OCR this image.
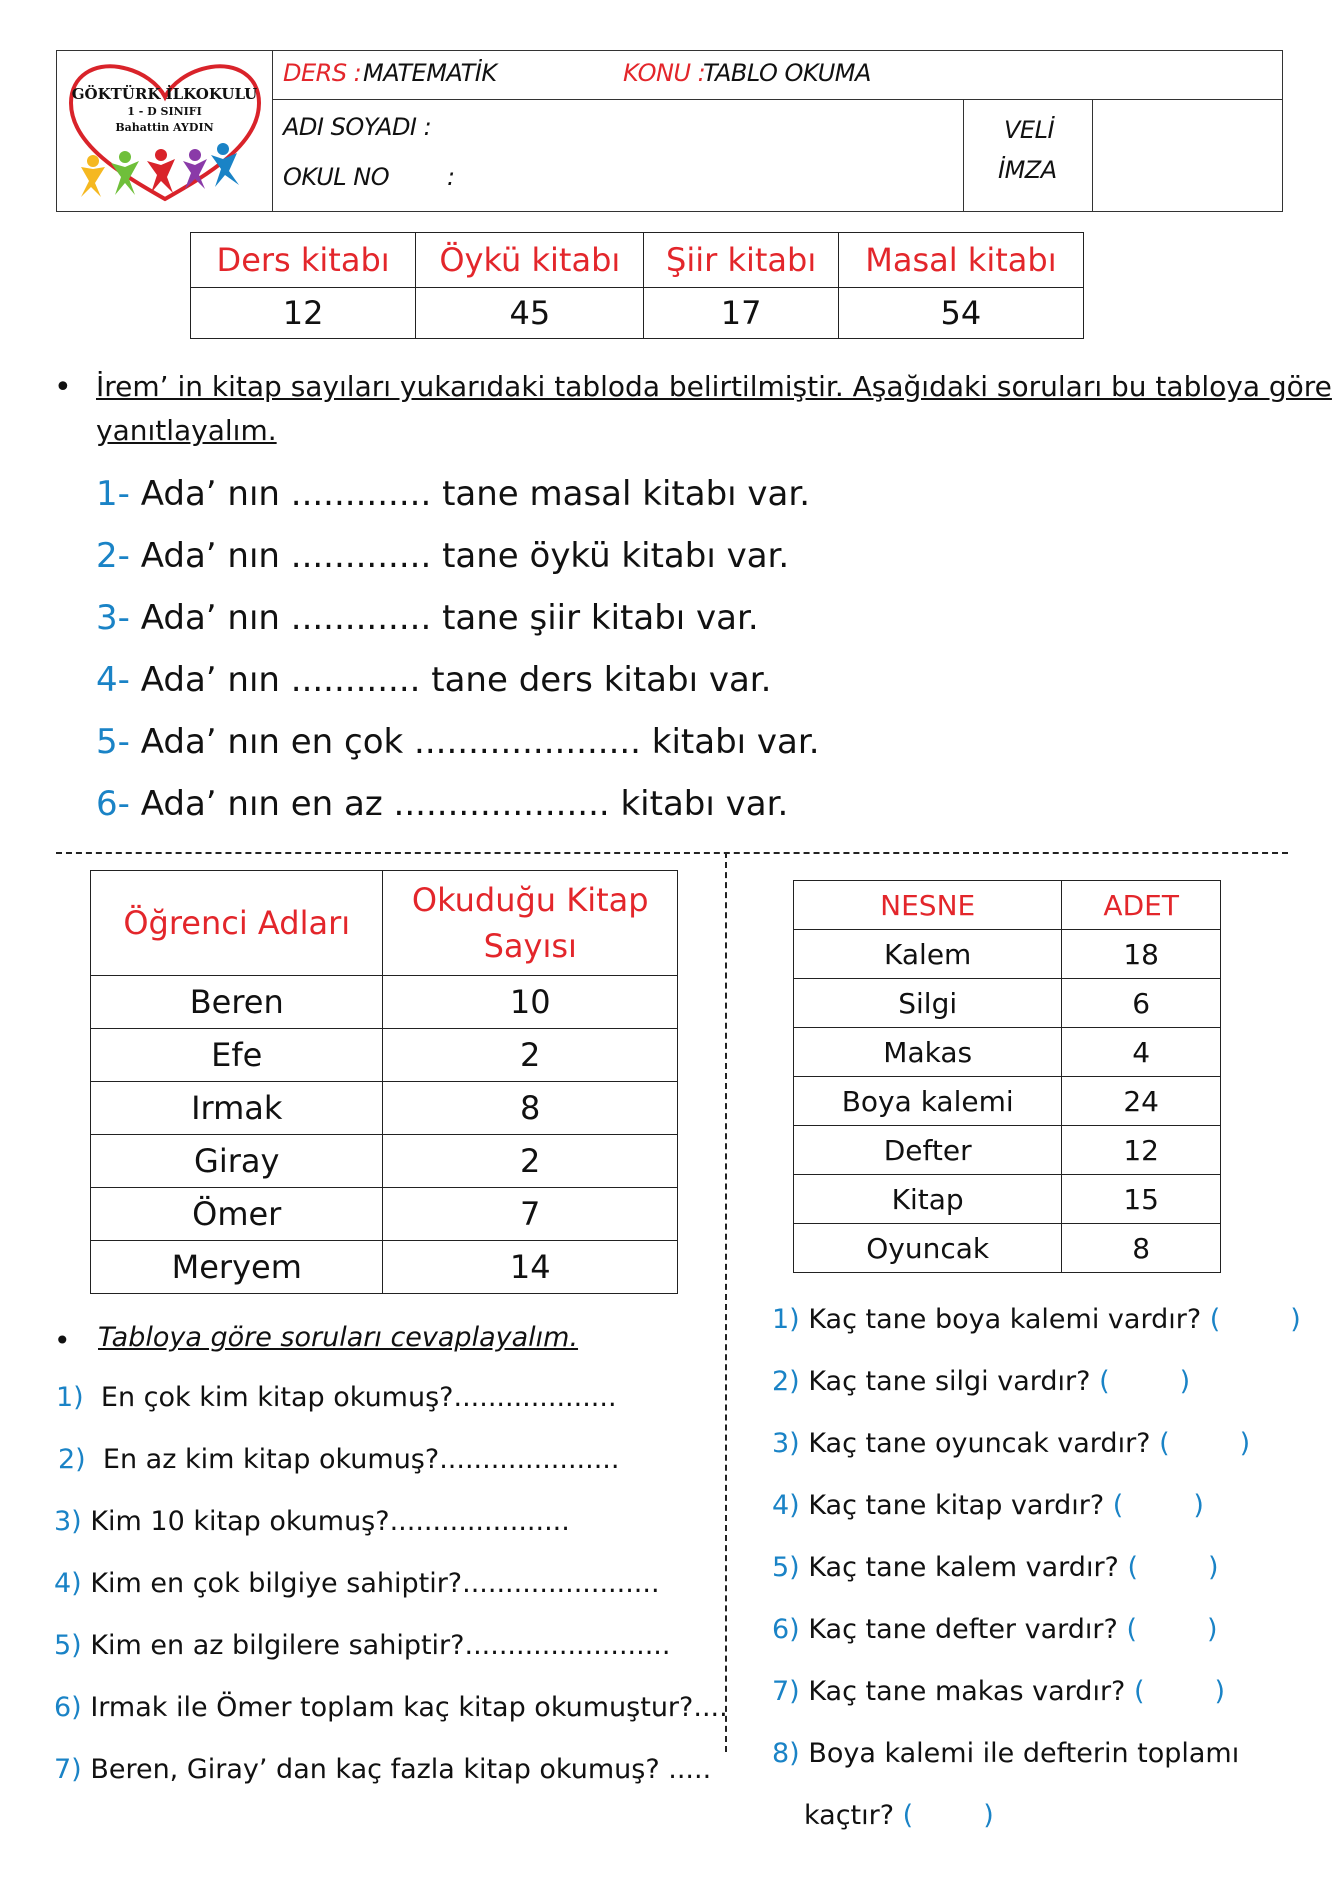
GÖKTÜRK İLKOKULU
1 - D SINIFI
Bahattin AYDIN
DERS : MATEMATİK	KONU :
TABLO OKUMA
ADI SOYADI :
OKUL NO :
VELİ
İMZA
Ders kitabı	Öykü kitabı	Şiir kitabı	Masal kitabı
12	45	17	54
• İrem’ in kitap sayıları yukarıdaki tabloda belirtilmiştir. Aşağıdaki soruları bu tabloya göre
yanıtlayalım.
1- Ada’ nın ............. tane masal kitabı var.
2- Ada’ nın ............. tane öykü kitabı var.
3- Ada’ nın ............. tane şiir kitabı var.
4- Ada’ nın ............ tane ders kitabı var.
5- Ada’ nın en çok ..................... kitabı var.
6- Ada’ nın en az .................... kitabı var.
Öğrenci Adları	Okuduğu Kitap
Sayısı
Beren	10
Efe	2
Irmak	8
Giray	2
Ömer	7
Meryem	14
NESNE	ADET
Kalem	18
Silgi	6
Makas	4
Boya kalemi	24
Defter	12
Kitap	15
Oyuncak	8
• Tabloya göre soruları cevaplayalım.
1) En çok kim kitap okumuş?...................
2) En az kim kitap okumuş?.....................
3) Kim 10 kitap okumuş?.....................
4) Kim en çok bilgiye sahiptir?.......................
5) Kim en az bilgilere sahiptir?........................
6) Irmak ile Ömer toplam kaç kitap okumuştur?....
7) Beren, Giray’ dan kaç fazla kitap okumuş? .....
1) Kaç tane boya kalemi vardır? (	)
2) Kaç tane silgi vardır? (	)
3) Kaç tane oyuncak vardır? (	)
4) Kaç tane kitap vardır? (	)
5) Kaç tane kalem vardır? (	)
6) Kaç tane defter vardır? (	)
7) Kaç tane makas vardır? (	)
8) Boya kalemi ile defterin toplamı
kaçtır? (	)
